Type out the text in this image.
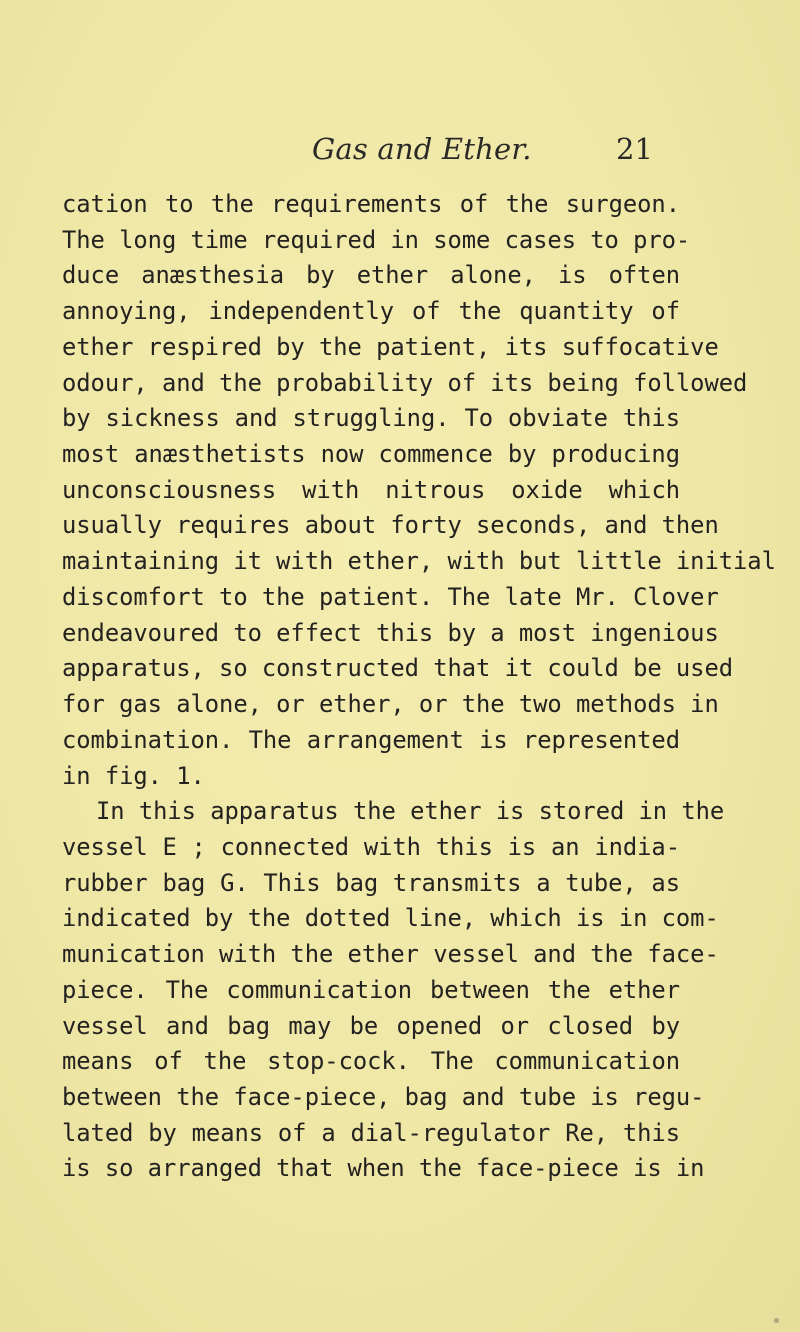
Gas and Ether.	21
cation to the requirements of the surgeon.
The long time required in some cases to pro-
duce anæsthesia by ether alone, is often
annoying, independently of the quantity of
ether respired by the patient, its suffocative
odour, and the probability of its being followed
by sickness and struggling. To obviate this
most anæsthetists now commence by producing
unconsciousness with nitrous oxide which
usually requires about forty seconds, and then
maintaining it with ether, with but little initial
discomfort to the patient. The late Mr. Clover
endeavoured to effect this by a most ingenious
apparatus, so constructed that it could be used
for gas alone, or ether, or the two methods in
combination. The arrangement is represented
in fig. 1.
In this apparatus the ether is stored in the
vessel E ; connected with this is an india-
rubber bag G. This bag transmits a tube, as
indicated by the dotted line, which is in com-
munication with the ether vessel and the face-
piece. The communication between the ether
vessel and bag may be opened or closed by
means of the stop-cock. The communication
between the face-piece, bag and tube is regu-
lated by means of a dial-regulator Re, this
is so arranged that when the face-piece is in
